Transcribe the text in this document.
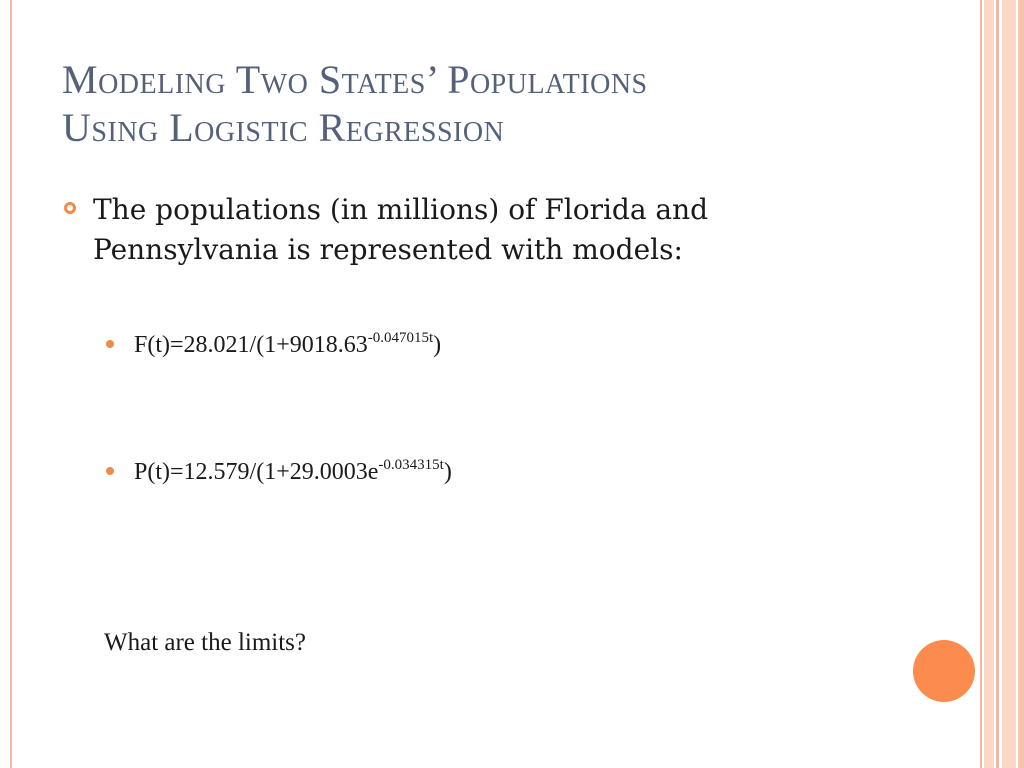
Modeling Two States’ Populations
Using Logistic Regression
The populations (in millions) of Florida and Pennsylvania is represented with models:
$F(t)=28.021/(1+9018.63^{-0.047015t})$
$P(t)=12.579/(1+29.0003e^{-0.034315t})$
What are the limits?
